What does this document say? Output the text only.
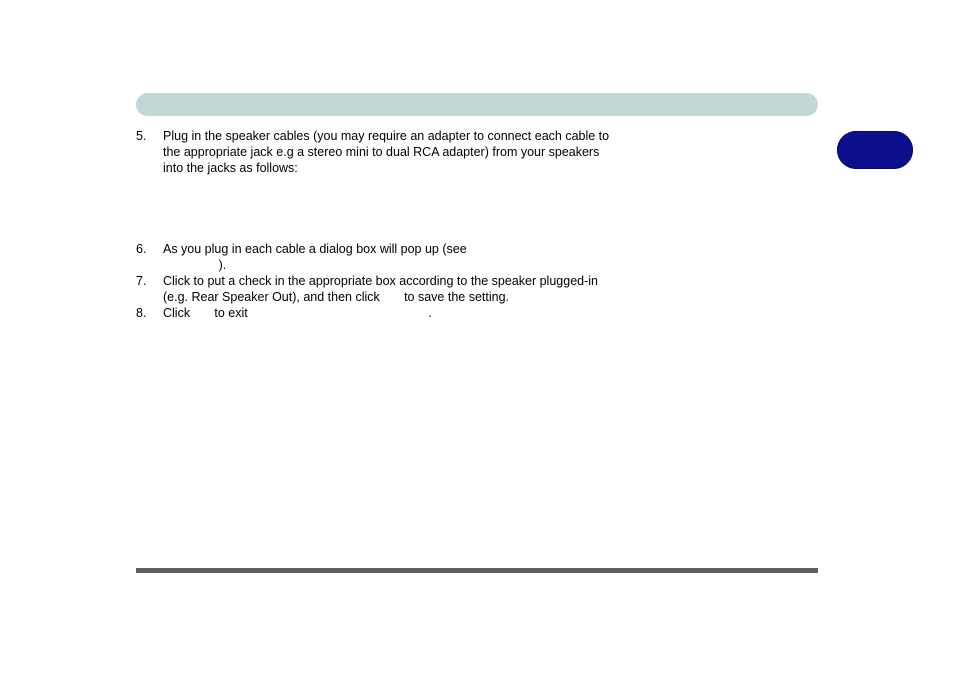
5. Plug in the speaker cables (you may require an adapter to connect each cable to

the appropriate jack e.g a stereo mini to dual RCA adapter) from your speakers

into the jacks as follows:

6. As you plug in each cable a dialog box will pop up (see

).

7. Click to put a check in the appropriate box according to the speaker plugged-in

(e.g. Rear Speaker Out), and then click       to save the setting.

8. Click       to exit                                                    .
